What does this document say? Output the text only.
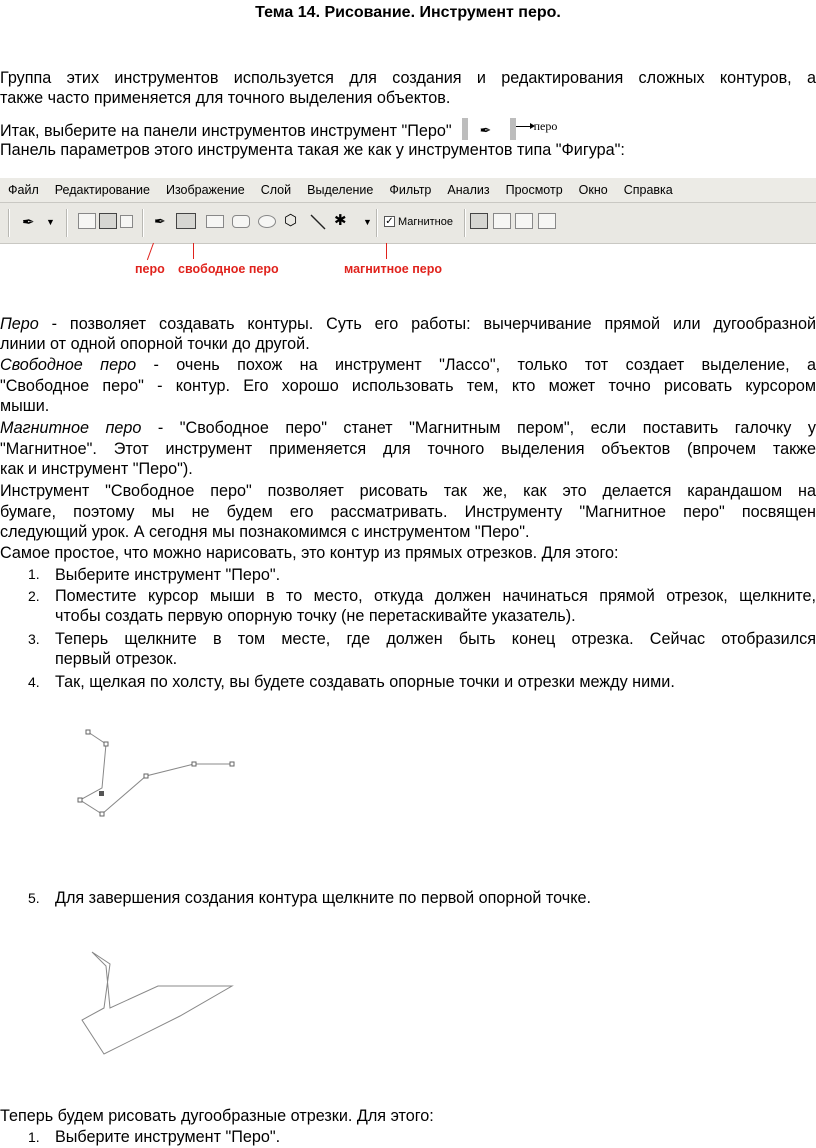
Тема 14. Рисование. Инструмент перо.

Группа этих инструментов используется для создания и редактирования сложных контуров, а

также часто применяется для точного выделения объектов.

Итак, выберите на панели инструментов инструмент "Перо" ✒	перо

Панель параметров этого инструмента такая же как у инструментов типа "Фигура":

Файл	Редактирование	Изображение	Слой	Выделение	Фильтр	Анализ	Просмотр	Окно	Справка
✒ ▼	✒	⬡ ✱ ▼ ✓ Магнитное
перо свободное перо	магнитное перо

Перо - позволяет создавать контуры. Суть его работы: вычерчивание прямой или дугообразной

линии от одной опорной точки до другой.

Свободное перо - очень похож на инструмент "Лассо", только тот создает выделение, а

"Свободное перо" - контур. Его хорошо использовать тем, кто может точно рисовать курсором

мыши.

Магнитное перо - "Свободное перо" станет "Магнитным пером", если поставить галочку у

"Магнитное". Этот инструмент применяется для точного выделения объектов (впрочем также

как и инструмент "Перо").

Инструмент "Свободное перо" позволяет рисовать так же, как это делается карандашом на

бумаге, поэтому мы не будем его рассматривать. Инструменту "Магнитное перо" посвящен

следующий урок. А сегодня мы познакомимся с инструментом "Перо".

Самое простое, что можно нарисовать, это контур из прямых отрезков. Для этого:

1. Выберите инструмент "Перо".

2. Поместите курсор мыши в то место, откуда должен начинаться прямой отрезок, щелкните,

чтобы создать первую опорную точку (не перетаскивайте указатель).

3. Теперь щелкните в том месте, где должен быть конец отрезка. Сейчас отобразился

первый отрезок.

4. Так, щелкая по холсту, вы будете создавать опорные точки и отрезки между ними.

5. Для завершения создания контура щелкните по первой опорной точке.

Теперь будем рисовать дугообразные отрезки. Для этого:

1. Выберите инструмент "Перо".
